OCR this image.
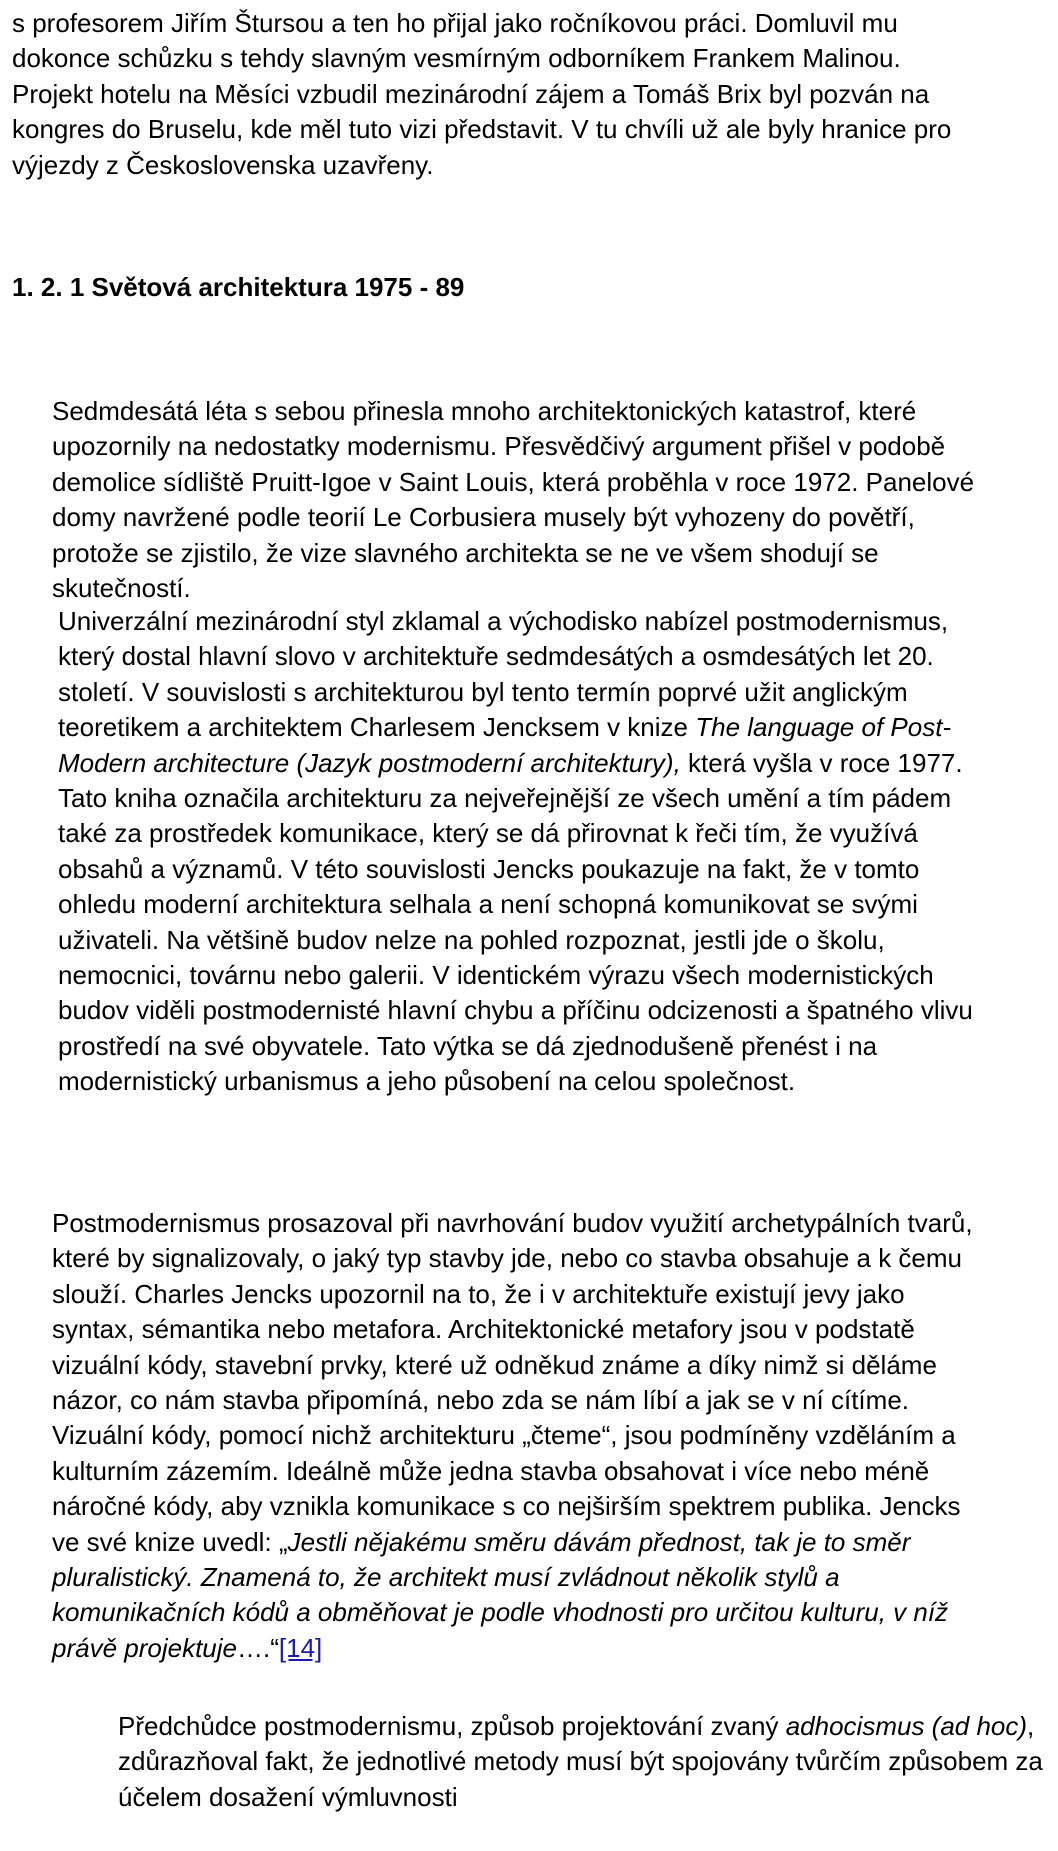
s profesorem Jiřím Štursou a ten ho přijal jako ročníkovou práci. Domluvil mu dokonce schůzku s tehdy slavným vesmírným odborníkem Frankem Malinou. Projekt hotelu na Měsíci vzbudil mezinárodní zájem a Tomáš Brix byl pozván na kongres do Bruselu, kde měl tuto vizi představit. V tu chvíli už ale byly hranice pro výjezdy z Československa uzavřeny.

1. 2. 1 Světová architektura 1975 - 89

Sedmdesátá léta s sebou přinesla mnoho architektonických katastrof, které upozornily na nedostatky modernismu. Přesvědčivý argument přišel v podobě demolice sídliště Pruitt-Igoe v Saint Louis, která proběhla v roce 1972. Panelové domy navržené podle teorií Le Corbusiera musely být vyhozeny do povětří, protože se zjistilo, že vize slavného architekta se ne ve všem shodují se skutečností.

Univerzální mezinárodní styl zklamal a východisko nabízel postmodernismus, který dostal hlavní slovo v architektuře sedmdesátých a osmdesátých let 20. století. V souvislosti s architekturou byl tento termín poprvé užit anglickým teoretikem a architektem Charlesem Jencksem v knize The language of Post-Modern architecture (Jazyk postmoderní architektury), která vyšla v roce 1977. Tato kniha označila architekturu za nejveřejnější ze všech umění a tím pádem také za prostředek komunikace, který se dá přirovnat k řeči tím, že využívá obsahů a významů. V této souvislosti Jencks poukazuje na fakt, že v tomto ohledu moderní architektura selhala a není schopná komunikovat se svými uživateli. Na většině budov nelze na pohled rozpoznat, jestli jde o školu, nemocnici, továrnu nebo galerii. V identickém výrazu všech modernistických budov viděli postmodernisté hlavní chybu a příčinu odcizenosti a špatného vlivu prostředí na své obyvatele. Tato výtka se dá zjednodušeně přenést i na modernistický urbanismus a jeho působení na celou společnost.

Postmodernismus prosazoval při navrhování budov využití archetypálních tvarů, které by signalizovaly, o jaký typ stavby jde, nebo co stavba obsahuje a k čemu slouží. Charles Jencks upozornil na to, že i v architektuře existují jevy jako syntax, sémantika nebo metafora. Architektonické metafory jsou v podstatě vizuální kódy, stavební prvky, které už odněkud známe a díky nimž si děláme názor, co nám stavba připomíná, nebo zda se nám líbí a jak se v ní cítíme. Vizuální kódy, pomocí nichž architekturu „čteme“, jsou podmíněny vzděláním a kulturním zázemím. Ideálně může jedna stavba obsahovat i více nebo méně náročné kódy, aby vznikla komunikace s co nejširším spektrem publika. Jencks ve své knize uvedl: „Jestli nějakému směru dávám přednost, tak je to směr pluralistický. Znamená to, že architekt musí zvládnout několik stylů a komunikačních kódů a obměňovat je podle vhodnosti pro určitou kulturu, v níž právě projektuje….“[14]

Předchůdce postmodernismu, způsob projektování zvaný adhocismus (ad hoc), zdůrazňoval fakt, že jednotlivé metody musí být spojovány tvůrčím způsobem za účelem dosažení výmluvnosti
